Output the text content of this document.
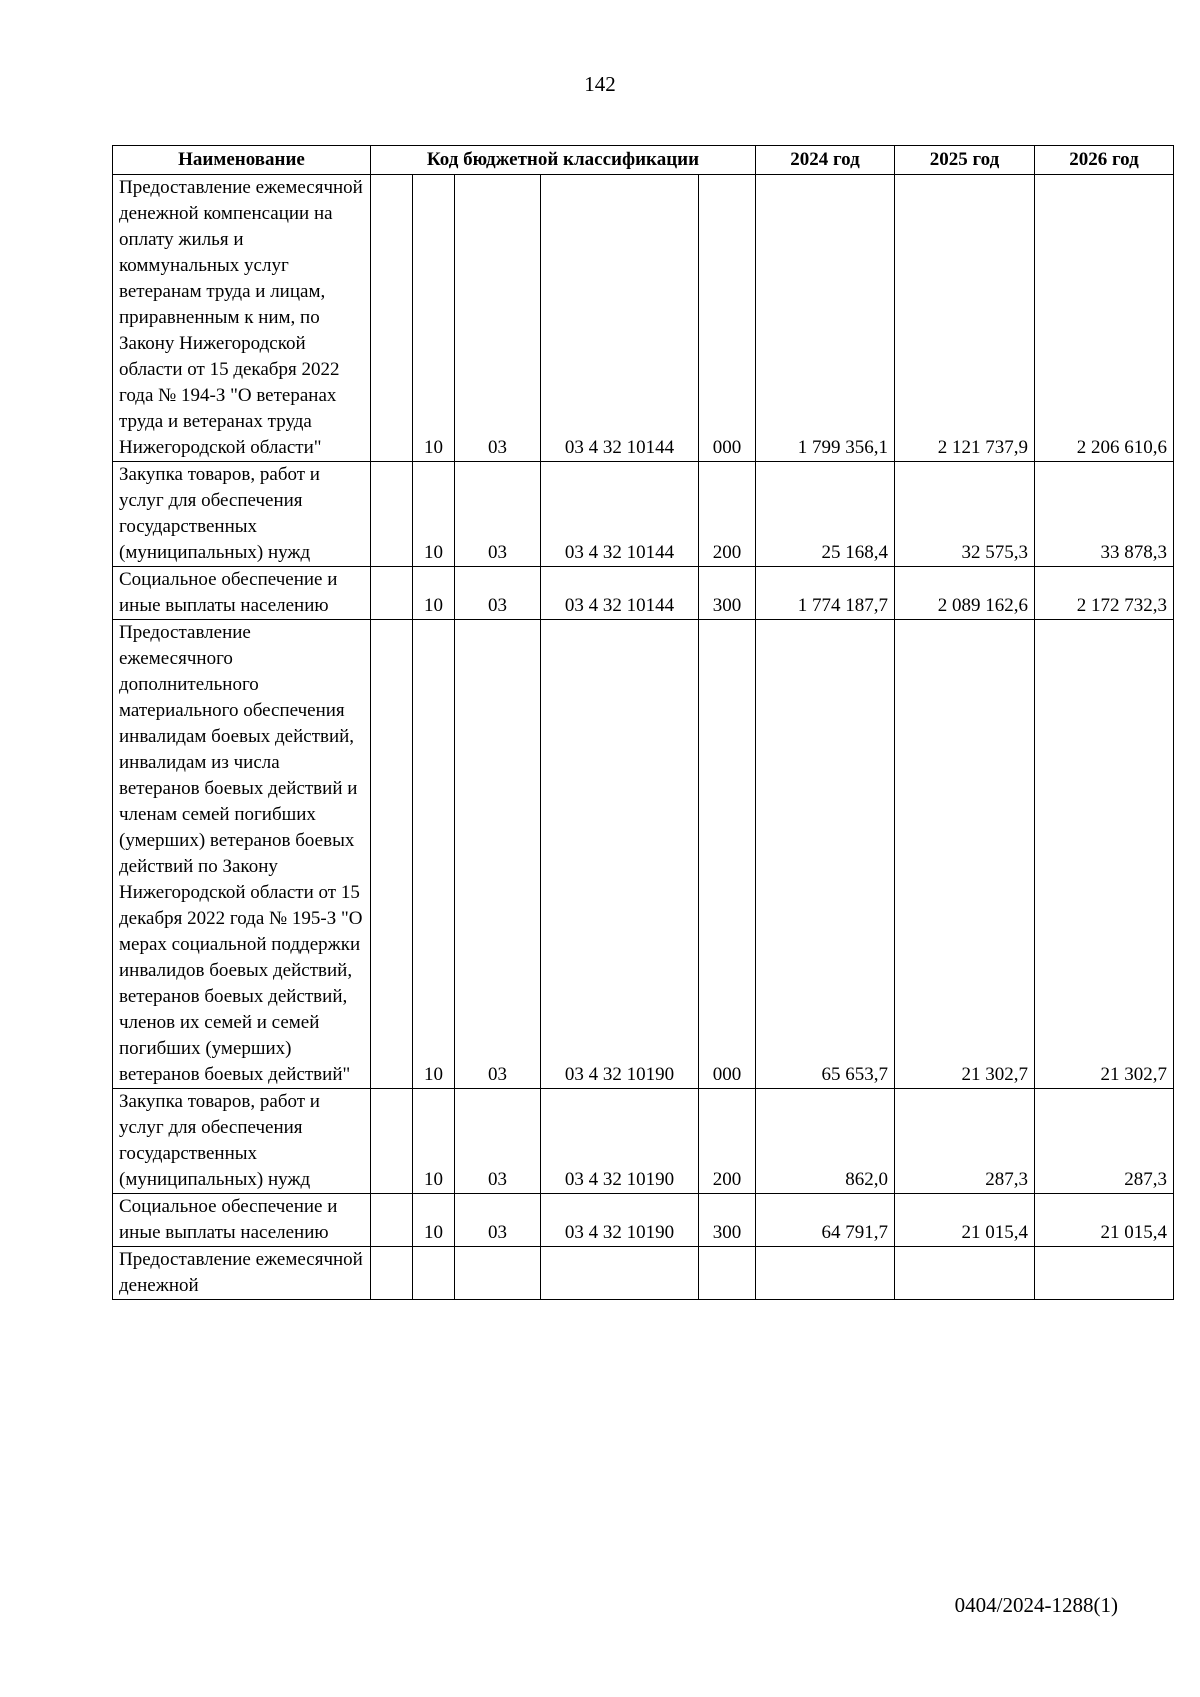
142
Наименование	Код бюджетной классификации					2024 год	2025 год	2026 год
Предоставление ежемесячной денежной компенсации на оплату жилья и коммунальных услуг ветеранам труда и лицам, приравненным к ним, по Закону Нижегородской области от 15 декабря 2022 года № 194-З "О ветеранах труда и ветеранах труда Нижегородской области"		10	03	03 4 32 10144	000	1 799 356,1	2 121 737,9	2 206 610,6
Закупка товаров, работ и услуг для обеспечения государственных (муниципальных) нужд		10	03	03 4 32 10144	200	25 168,4	32 575,3	33 878,3
Социальное обеспечение и иные выплаты населению		10	03	03 4 32 10144	300	1 774 187,7	2 089 162,6	2 172 732,3
Предоставление ежемесячного дополнительного материального обеспечения инвалидам боевых действий, инвалидам из числа ветеранов боевых действий и членам семей погибших (умерших) ветеранов боевых действий по Закону Нижегородской области от 15 декабря 2022 года № 195-З "О мерах социальной поддержки инвалидов боевых действий, ветеранов боевых действий, членов их семей и семей погибших (умерших) ветеранов боевых действий"		10	03	03 4 32 10190	000	65 653,7	21 302,7	21 302,7
Закупка товаров, работ и услуг для обеспечения государственных (муниципальных) нужд		10	03	03 4 32 10190	200	862,0	287,3	287,3
Социальное обеспечение и иные выплаты населению		10	03	03 4 32 10190	300	64 791,7	21 015,4	21 015,4
Предоставление ежемесячной денежной								
0404/2024-1288(1)
